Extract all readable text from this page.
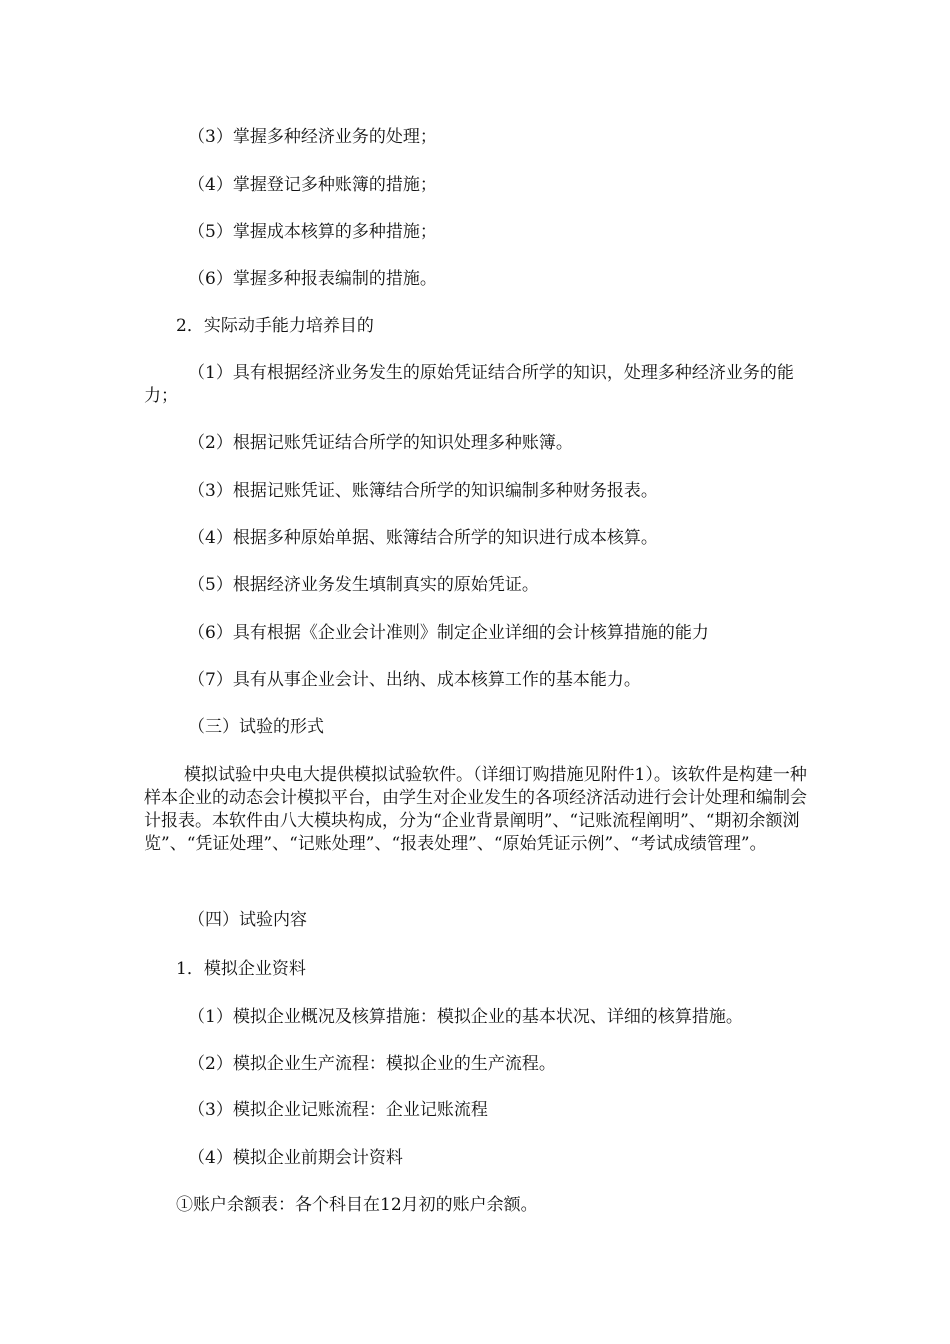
（3）掌握多种经济业务的处理；

（4）掌握登记多种账簿的措施；

（5）掌握成本核算的多种措施；

（6）掌握多种报表编制的措施。

2．实际动手能力培养目的

（1）具有根据经济业务发生的原始凭证结合所学的知识，处理多种经济业务的能力；

（2）根据记账凭证结合所学的知识处理多种账簿。

（3）根据记账凭证、账簿结合所学的知识编制多种财务报表。

（4）根据多种原始单据、账簿结合所学的知识进行成本核算。

（5）根据经济业务发生填制真实的原始凭证。

（6）具有根据《企业会计准则》制定企业详细的会计核算措施的能力

（7）具有从事企业会计、出纳、成本核算工作的基本能力。

（三）试验的形式

模拟试验中央电大提供模拟试验软件。（详细订购措施见附件1）。该软件是构建一种样本企业的动态会计模拟平台，由学生对企业发生的各项经济活动进行会计处理和编制会计报表。本软件由八大模块构成，分为“企业背景阐明”、“记账流程阐明”、“期初余额浏览”、“凭证处理”、“记账处理”、“报表处理”、“原始凭证示例”、“考试成绩管理”。

（四）试验内容

1．模拟企业资料

（1）模拟企业概况及核算措施：模拟企业的基本状况、详细的核算措施。

（2）模拟企业生产流程：模拟企业的生产流程。

（3）模拟企业记账流程：企业记账流程

（4）模拟企业前期会计资料

①账户余额表：各个科目在12月初的账户余额。
